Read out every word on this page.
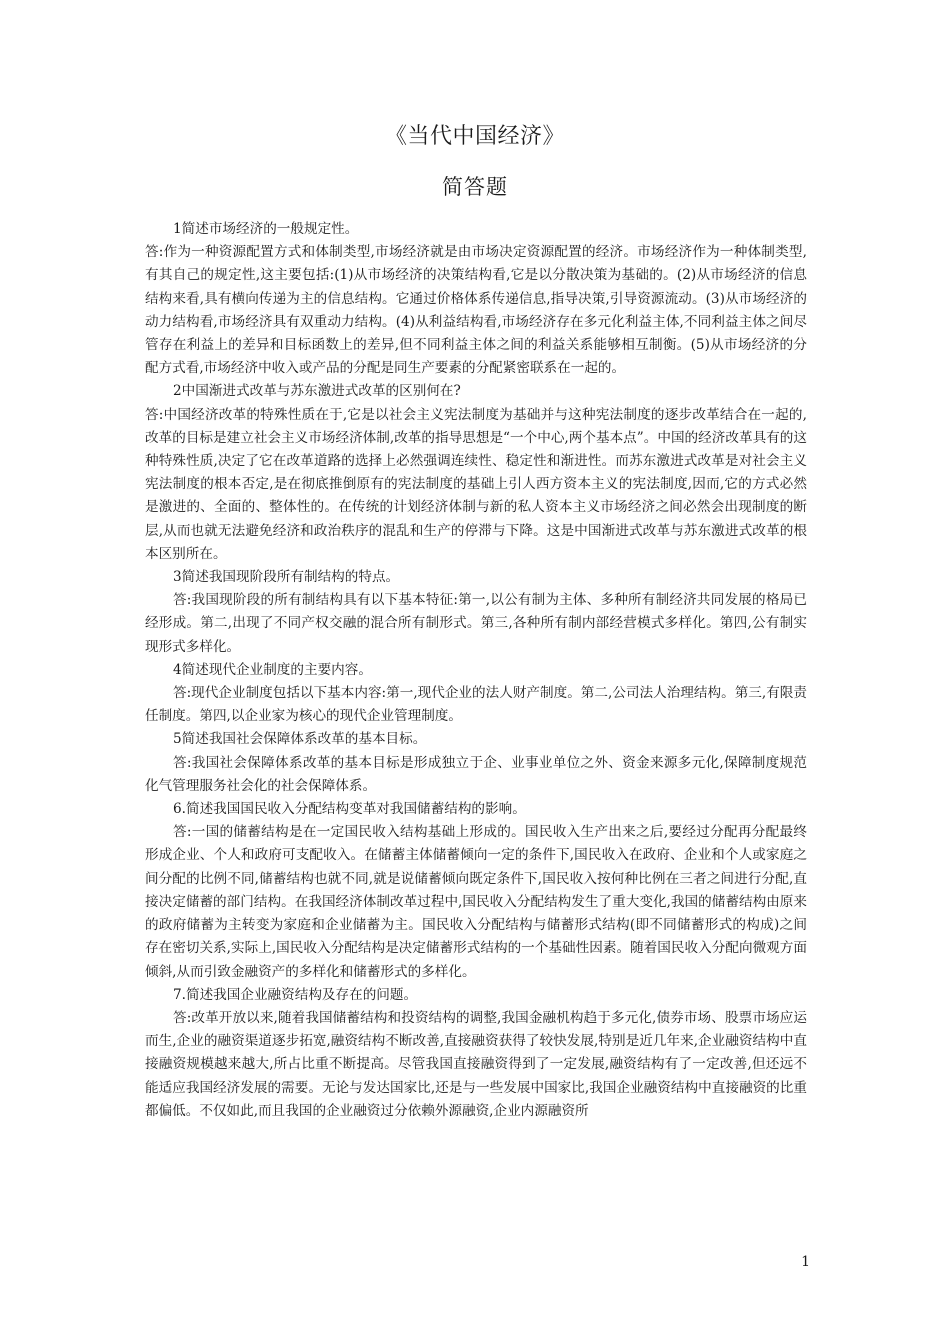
《当代中国经济》
简答题

1简述市场经济的一般规定性。

答:作为一种资源配置方式和体制类型,市场经济就是由市场决定资源配置的经济。市场经济作为一种体制类型,有其自己的规定性,这主要包括:(1)从市场经济的决策结构看,它是以分散决策为基础的。(2)从市场经济的信息结构来看,具有横向传递为主的信息结构。它通过价格体系传递信息,指导决策,引导资源流动。(3)从市场经济的动力结构看,市场经济具有双重动力结构。(4)从利益结构看,市场经济存在多元化利益主体,不同利益主体之间尽管存在利益上的差异和目标函数上的差异,但不同利益主体之间的利益关系能够相互制衡。(5)从市场经济的分配方式看,市场经济中收入或产品的分配是同生产要素的分配紧密联系在一起的。

2中国渐进式改革与苏东激进式改革的区别何在?

答:中国经济改革的特殊性质在于,它是以社会主义宪法制度为基础并与这种宪法制度的逐步改革结合在一起的,改革的目标是建立社会主义市场经济体制,改革的指导思想是“一个中心,两个基本点”。中国的经济改革具有的这种特殊性质,决定了它在改革道路的选择上必然强调连续性、稳定性和渐进性。而苏东激进式改革是对社会主义宪法制度的根本否定,是在彻底推倒原有的宪法制度的基础上引人西方资本主义的宪法制度,因而,它的方式必然是激进的、全面的、整体性的。在传统的计划经济体制与新的私人资本主义市场经济之间必然会出现制度的断层,从而也就无法避免经济和政治秩序的混乱和生产的停滞与下降。这是中国渐进式改革与苏东激进式改革的根本区别所在。

3简述我国现阶段所有制结构的特点。

答:我国现阶段的所有制结构具有以下基本特征:第一,以公有制为主体、多种所有制经济共同发展的格局已经形成。第二,出现了不同产权交融的混合所有制形式。第三,各种所有制内部经营模式多样化。第四,公有制实现形式多样化。

4简述现代企业制度的主要内容。

答:现代企业制度包括以下基本内容:第一,现代企业的法人财产制度。第二,公司法人治理结构。第三,有限责任制度。第四,以企业家为核心的现代企业管理制度。

5简述我国社会保障体系改革的基本目标。

答:我国社会保障体系改革的基本目标是形成独立于企、业事业单位之外、资金来源多元化,保障制度规范化气管理服务社会化的社会保障体系。

6.简述我国国民收入分配结构变革对我国储蓄结构的影响。

答:一国的储蓄结构是在一定国民收入结构基础上形成的。国民收入生产出来之后,要经过分配再分配最终形成企业、个人和政府可支配收入。在储蓄主体储蓄倾向一定的条件下,国民收入在政府、企业和个人或家庭之间分配的比例不同,储蓄结构也就不同,就是说储蓄倾向既定条件下,国民收入按何种比例在三者之间进行分配,直接决定储蓄的部门结构。在我国经济体制改革过程中,国民收入分配结构发生了重大变化,我国的储蓄结构由原来的政府储蓄为主转变为家庭和企业储蓄为主。国民收入分配结构与储蓄形式结构(即不同储蓄形式的构成)之间存在密切关系,实际上,国民收入分配结构是决定储蓄形式结构的一个基础性因素。随着国民收入分配向微观方面倾斜,从而引致金融资产的多样化和储蓄形式的多样化。

7.简述我国企业融资结构及存在的问题。

答:改革开放以来,随着我国储蓄结构和投资结构的调整,我国金融机构趋于多元化,债券市场、股票市场应运而生,企业的融资渠道逐步拓宽,融资结构不断改善,直接融资获得了较快发展,特别是近几年来,企业融资结构中直接融资规模越来越大,所占比重不断提高。尽管我国直接融资得到了一定发展,融资结构有了一定改善,但还远不能适应我国经济发展的需要。无论与发达国家比,还是与一些发展中国家比,我国企业融资结构中直接融资的比重都偏低。不仅如此,而且我国的企业融资过分依赖外源融资,企业内源融资所

1
